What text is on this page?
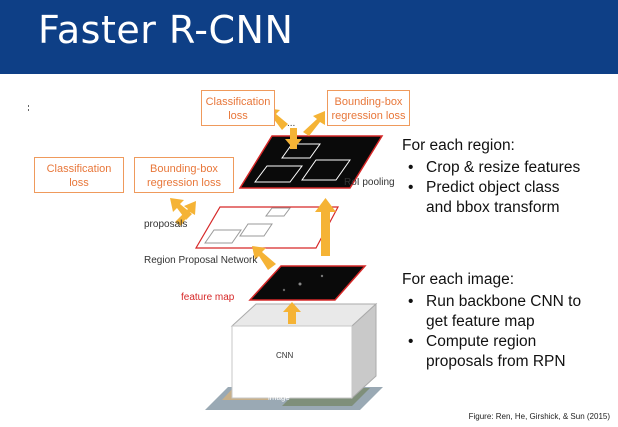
Faster R-CNN
Classification
loss
Bounding-box
regression loss
...
Classification
loss
Bounding-box
regression loss	RoI pooling
proposals
Region Proposal Network
feature map
CNN
image
For each region:
• Crop & resize features
• Predict object class
and bbox transform
For each image:
• Run backbone CNN to
get feature map
• Compute region
proposals from RPN
Figure: Ren, He, Girshick, & Sun (2015)
